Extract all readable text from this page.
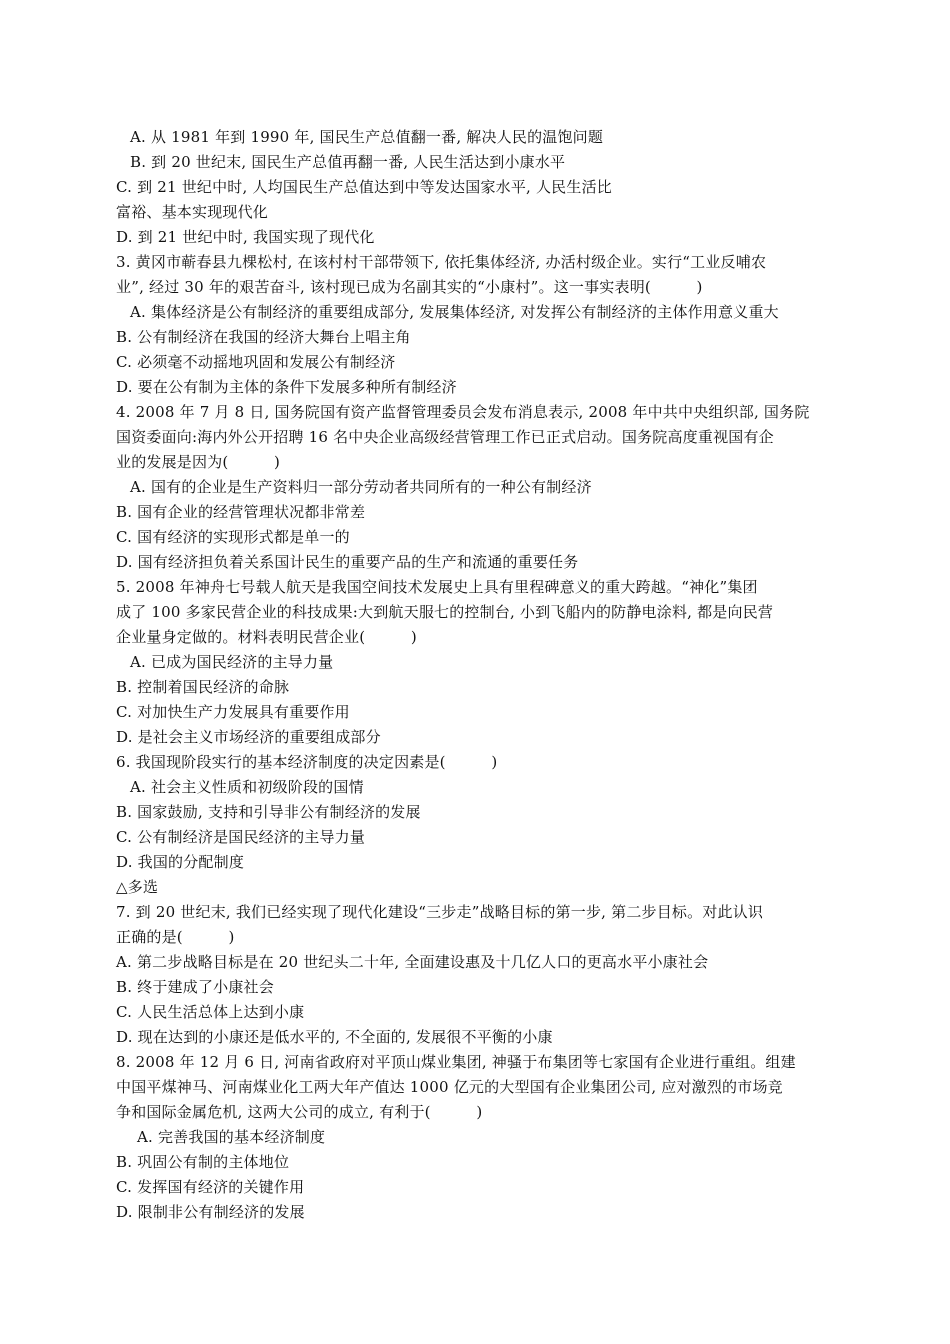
A. 从 1981 年到 1990 年, 国民生产总值翻一番, 解决人民的温饱问题
B. 到 20 世纪末, 国民生产总值再翻一番, 人民生活达到小康水平
C. 到 21 世纪中时, 人均国民生产总值达到中等发达国家水平, 人民生活比
富裕、基本实现现代化
D. 到 21 世纪中时, 我国实现了现代化
3. 黄冈市蕲春县九棵松村, 在该村村干部带领下, 依托集体经济, 办活村级企业。实行“工业反哺农
业”, 经过 30 年的艰苦奋斗, 该村现已成为名副其实的“小康村”。这一事实表明(　　　)
A. 集体经济是公有制经济的重要组成部分, 发展集体经济, 对发挥公有制经济的主体作用意义重大
B. 公有制经济在我国的经济大舞台上唱主角
C. 必须毫不动摇地巩固和发展公有制经济
D. 要在公有制为主体的条件下发展多种所有制经济
4. 2008 年 7 月 8 日, 国务院国有资产监督管理委员会发布消息表示, 2008 年中共中央组织部, 国务院
国资委面向:海内外公开招聘 16 名中央企业高级经营管理工作已正式启动。国务院高度重视国有企
业的发展是因为(　　　)
A. 国有的企业是生产资料归一部分劳动者共同所有的一种公有制经济
B. 国有企业的经营管理状况都非常差
C. 国有经济的实现形式都是单一的
D. 国有经济担负着关系国计民生的重要产品的生产和流通的重要任务
5. 2008 年神舟七号载人航天是我国空间技术发展史上具有里程碑意义的重大跨越。“神化”集团
成了 100 多家民营企业的科技成果:大到航天服七的控制台, 小到飞船内的防静电涂料, 都是向民营
企业量身定做的。材料表明民营企业(　　　)
A. 已成为国民经济的主导力量
B. 控制着国民经济的命脉
C. 对加快生产力发展具有重要作用
D. 是社会主义市场经济的重要组成部分
6. 我国现阶段实行的基本经济制度的决定因素是(　　　)
A. 社会主义性质和初级阶段的国情
B. 国家鼓励, 支持和引导非公有制经济的发展
C. 公有制经济是国民经济的主导力量
D. 我国的分配制度
△多选
7. 到 20 世纪末, 我们已经实现了现代化建设“三步走”战略目标的第一步, 第二步目标。对此认识
正确的是(　　　)
A. 第二步战略目标是在 20 世纪头二十年, 全面建设惠及十几亿人口的更高水平小康社会
B. 终于建成了小康社会
C. 人民生活总体上达到小康
D. 现在达到的小康还是低水平的, 不全面的, 发展很不平衡的小康
8. 2008 年 12 月 6 日, 河南省政府对平顶山煤业集团, 神骚于布集团等七家国有企业进行重组。组建
中国平煤神马、河南煤业化工两大年产值达 1000 亿元的大型国有企业集团公司, 应对激烈的市场竞
争和国际金属危机, 这两大公司的成立, 有利于(　　　)
A. 完善我国的基本经济制度
B. 巩固公有制的主体地位
C. 发挥国有经济的关键作用
D. 限制非公有制经济的发展
